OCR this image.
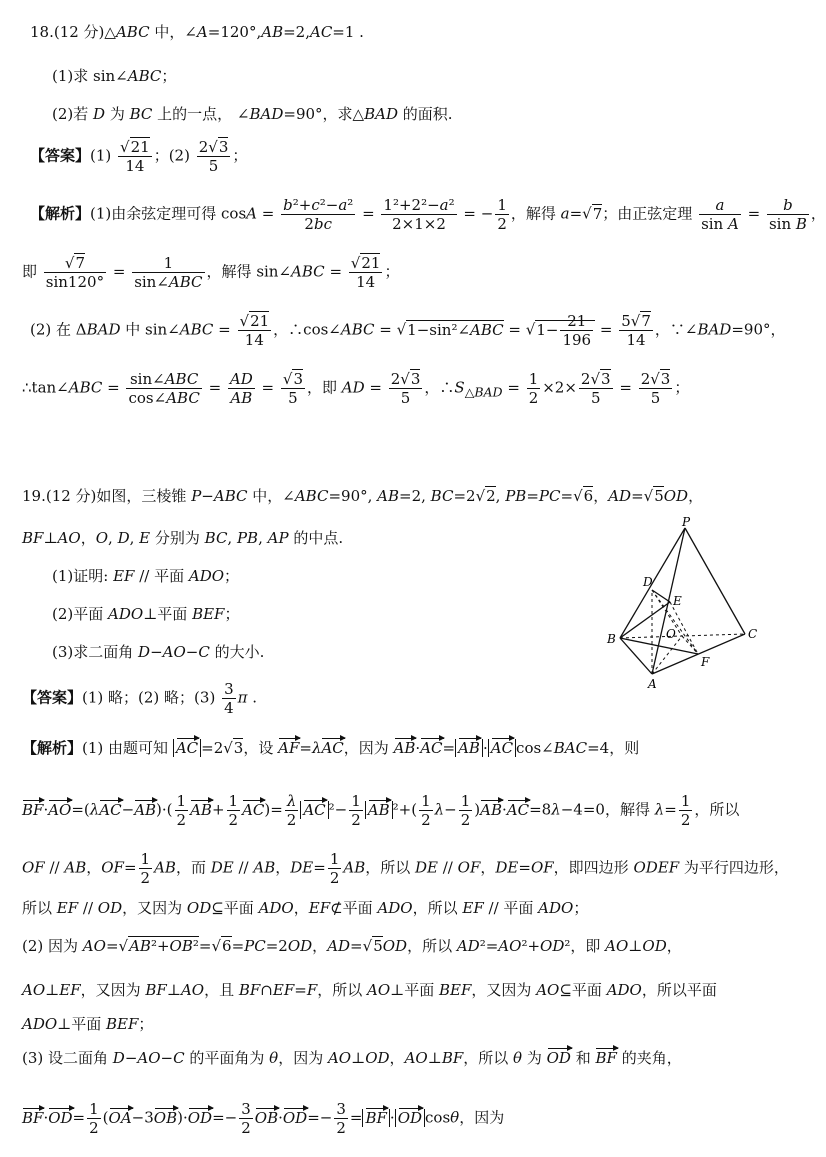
18.(12 分)△ABC 中，∠A=120°,AB=2,AC=1 .
(1)求 sin∠ABC；
(2)若 D 为 BC 上的一点， ∠BAD=90°，求△BAD 的面积.
【答案】$(1) \frac{√21}{14}$ ；$(2) \frac{2√3}{5}$ ；
【解析】(1)由余弦定理可得 $\cos A = \frac{\text{b²+c²−a²}}{2bc} = \frac{\text{1²+2²−a²}}{2\times 1\times 2}$ = − $\frac{1}{2}$ ，解得 a=√7；由正弦定理 $\frac{a}{\text{sin A}} = \frac{b}{\text{sin B}}$ ，
即 $\frac{√7}{\sin 120^\circ}$ =	1
sin∠ABC
，解得 sin∠ABC = $\frac{√21}{14}$ ；
(2) 在 ΔBAD 中 sin∠ABC = $\frac{√21}{14}$ ，∴cos∠ABC = √1−sin²∠ABC = $√1- \frac{21}{196} = \frac{5√7}{14}$ ，∵∠BAD=90°，
∴tan∠ABC = sin∠ABC
cos∠ABC
= $\frac{AD}{AB} = \frac{√3}{5}$ ，即 AD = $\frac{2√3}{5}$ ，$\therefore S_{\triangle BAD} = \frac{1}{2} \times 2\times \frac{2√3}{5} = \frac{2√3}{5}$ ；
19.(12 分)如图，三棱锥 P−ABC 中，∠ABC=90°, AB=2, BC=2√2, PB=PC=√6，AD=√5OD，
BF⊥AO，O, D, E 分别为 BC, PB, AP 的中点.
(1)证明: EF // 平面 ADO；
(2)平面 ADO⊥平面 BEF；
(3)求二面角 D−AO−C 的大小.
【答案】(1) 略；(2) 略；$(3) \frac{3}{4}$ π .
P
D
E
B	O	C
F
A
【解析】(1) 由题可知 AC =2√3，设 AF=λAC，因为 AB·AC= AB · AC cos∠BAC=4，则
$BF\cdot AO=(\lambda AC-AB)\cdot( \frac{1}{2} AB+ \frac{1}{2} AC)= \frac{\lambda}{2}$ AC $^2- \frac{1}{2}$ AB $^2+( \frac{1}{2} \lambda- \frac{1}{2} )AB\cdot AC=8\lambda-4=0$，解得 $\lambda= \frac{1}{2}$ ，所以
OF // AB，$OF= \frac{1}{2}$ AB，而 DE // AB，$DE= \frac{1}{2}$ AB，所以 DE // OF，DE=OF，即四边形 ODEF 为平行四边形，
所以 EF // OD，又因为 OD⊆平面 ADO，EF⊄平面 ADO，所以 EF // 平面 ADO；
(2) 因为 AO=√AB²+OB²=√6=PC=2OD，AD=√5OD，所以 AD²=AO²+OD²，即 AO⊥OD，
AO⊥EF，又因为 BF⊥AO，且 BF∩EF=F，所以 AO⊥平面 BEF，又因为 AO⊆平面 ADO，所以平面
ADO⊥平面 BEF；
(3) 设二面角 D−AO−C 的平面角为 θ，因为 AO⊥OD，AO⊥BF，所以 θ 为 OD 和 BF 的夹角，
$BF\cdot OD= \frac{1}{2} (OA-3OB)\cdot OD=- \frac{3}{2} OB\cdot OD=- \frac{3}{2}$ = BF · OD cosθ，因为
